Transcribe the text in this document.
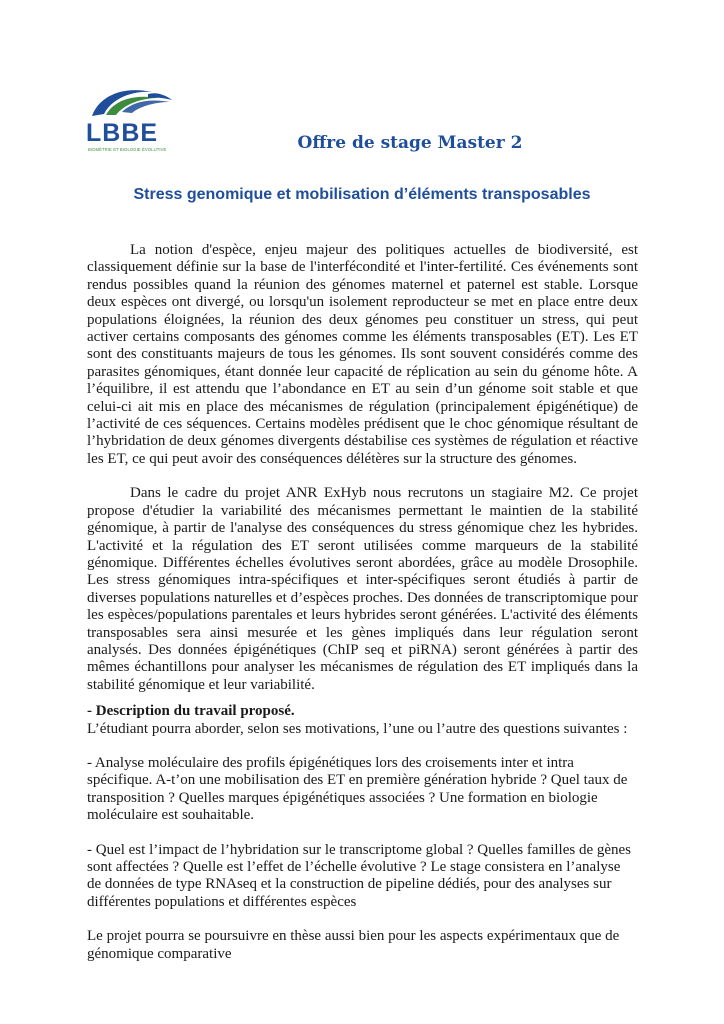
LBBE
BIOMÉTRIE ET BIOLOGIE ÉVOLUTIVE	Offre de stage Master 2
Stress genomique et mobilisation d’éléments transposables

La notion d'espèce, enjeu majeur des politiques actuelles de biodiversité, est classiquement définie sur la base de l'interfécondité et l'inter-fertilité. Ces événements sont rendus possibles quand la réunion des génomes maternel et paternel est stable. Lorsque deux espèces ont divergé, ou lorsqu'un isolement reproducteur se met en place entre deux populations éloignées, la réunion des deux génomes peu constituer un stress, qui peut activer certains composants des génomes comme les éléments transposables (ET). Les ET sont des constituants majeurs de tous les génomes. Ils sont souvent considérés comme des parasites génomiques, étant donnée leur capacité de réplication au sein du génome hôte. A l’équilibre, il est attendu que l’abondance en ET au sein d’un génome soit stable et que celui-ci ait mis en place des mécanismes de régulation (principalement épigénétique) de l’activité de ces séquences. Certains modèles prédisent que le choc génomique résultant de l’hybridation de deux génomes divergents déstabilise ces systèmes de régulation et réactive les ET, ce qui peut avoir des conséquences délétères sur la structure des génomes.

Dans le cadre du projet ANR ExHyb nous recrutons un stagiaire M2. Ce projet propose d'étudier la variabilité des mécanismes permettant le maintien de la stabilité génomique, à partir de l'analyse des conséquences du stress génomique chez les hybrides. L'activité et la régulation des ET seront utilisées comme marqueurs de la stabilité génomique. Différentes échelles évolutives seront abordées, grâce au modèle Drosophile. Les stress génomiques intra-spécifiques et inter-spécifiques seront étudiés à partir de diverses populations naturelles et d’espèces proches. Des données de transcriptomique pour les espèces/populations parentales et leurs hybrides seront générées. L'activité des éléments transposables sera ainsi mesurée et les gènes impliqués dans leur régulation seront analysés. Des données épigénétiques (ChIP seq et piRNA) seront générées à partir des mêmes échantillons pour analyser les mécanismes de régulation des ET impliqués dans la stabilité génomique et leur variabilité.

- Description du travail proposé.

L’étudiant pourra aborder, selon ses motivations, l’une ou l’autre des questions suivantes :

- Analyse moléculaire des profils épigénétiques lors des croisements inter et intra spécifique. A-t’on une mobilisation des ET en première génération hybride ? Quel taux de transposition ? Quelles marques épigénétiques associées ? Une formation en biologie moléculaire est souhaitable.

- Quel est l’impact de l’hybridation sur le transcriptome global ? Quelles familles de gènes sont affectées ? Quelle est l’effet de l’échelle évolutive ? Le stage consistera en l’analyse de données de type RNAseq et la construction de pipeline dédiés, pour des analyses sur différentes populations et différentes espèces

Le projet pourra se poursuivre en thèse aussi bien pour les aspects expérimentaux que de génomique comparative
